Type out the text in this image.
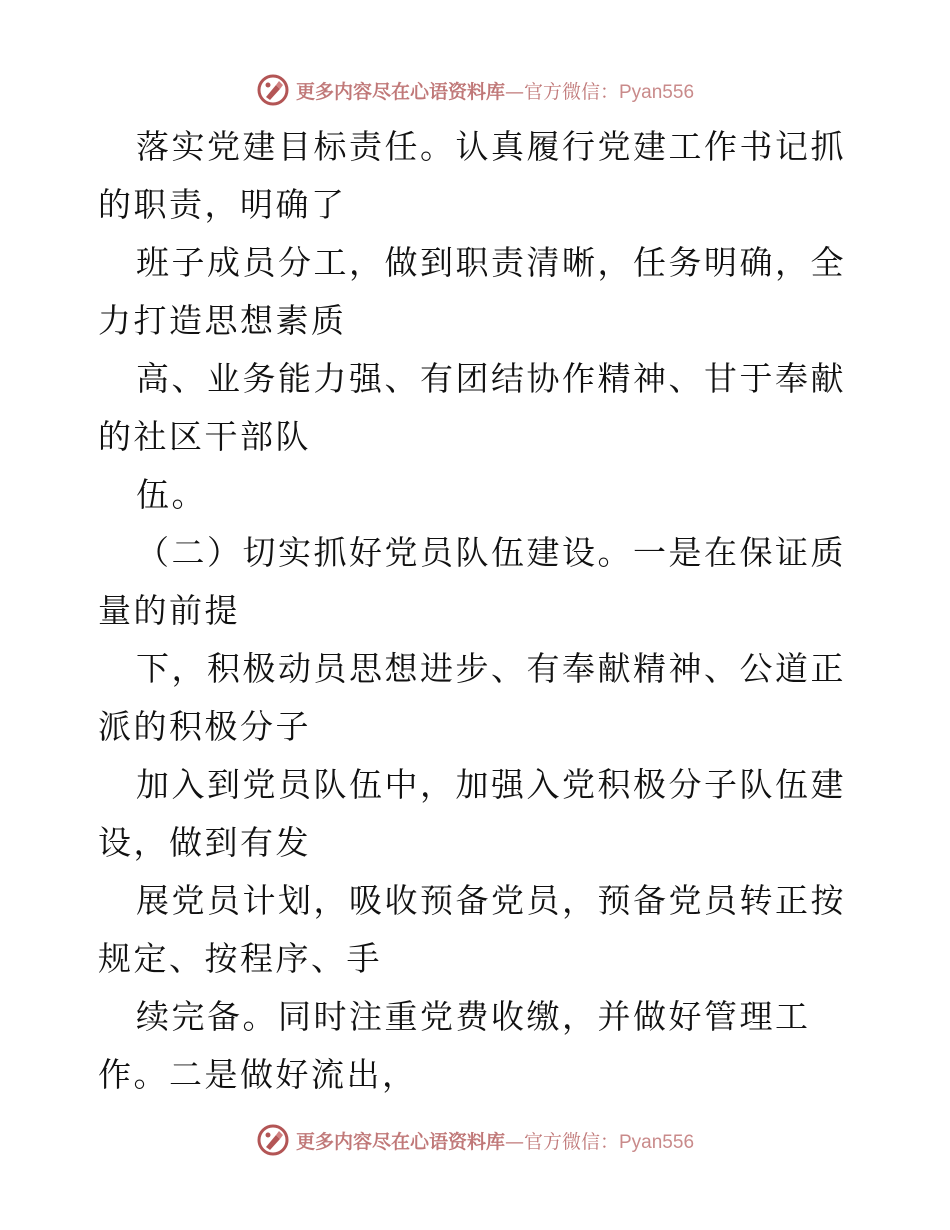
更多内容尽在心语资料库—官方微信：Pyan556

落实党建目标责任。认真履行党建工作书记抓的职责，明确了

班子成员分工，做到职责清晰，任务明确，全力打造思想素质

高、业务能力强、有团结协作精神、甘于奉献的社区干部队

伍。

（二）切实抓好党员队伍建设。一是在保证质量的前提

下，积极动员思想进步、有奉献精神、公道正派的积极分子

加入到党员队伍中，加强入党积极分子队伍建设，做到有发

展党员计划，吸收预备党员，预备党员转正按规定、按程序、手

续完备。同时注重党费收缴，并做好管理工作。二是做好流出，

更多内容尽在心语资料库—官方微信：Pyan556
